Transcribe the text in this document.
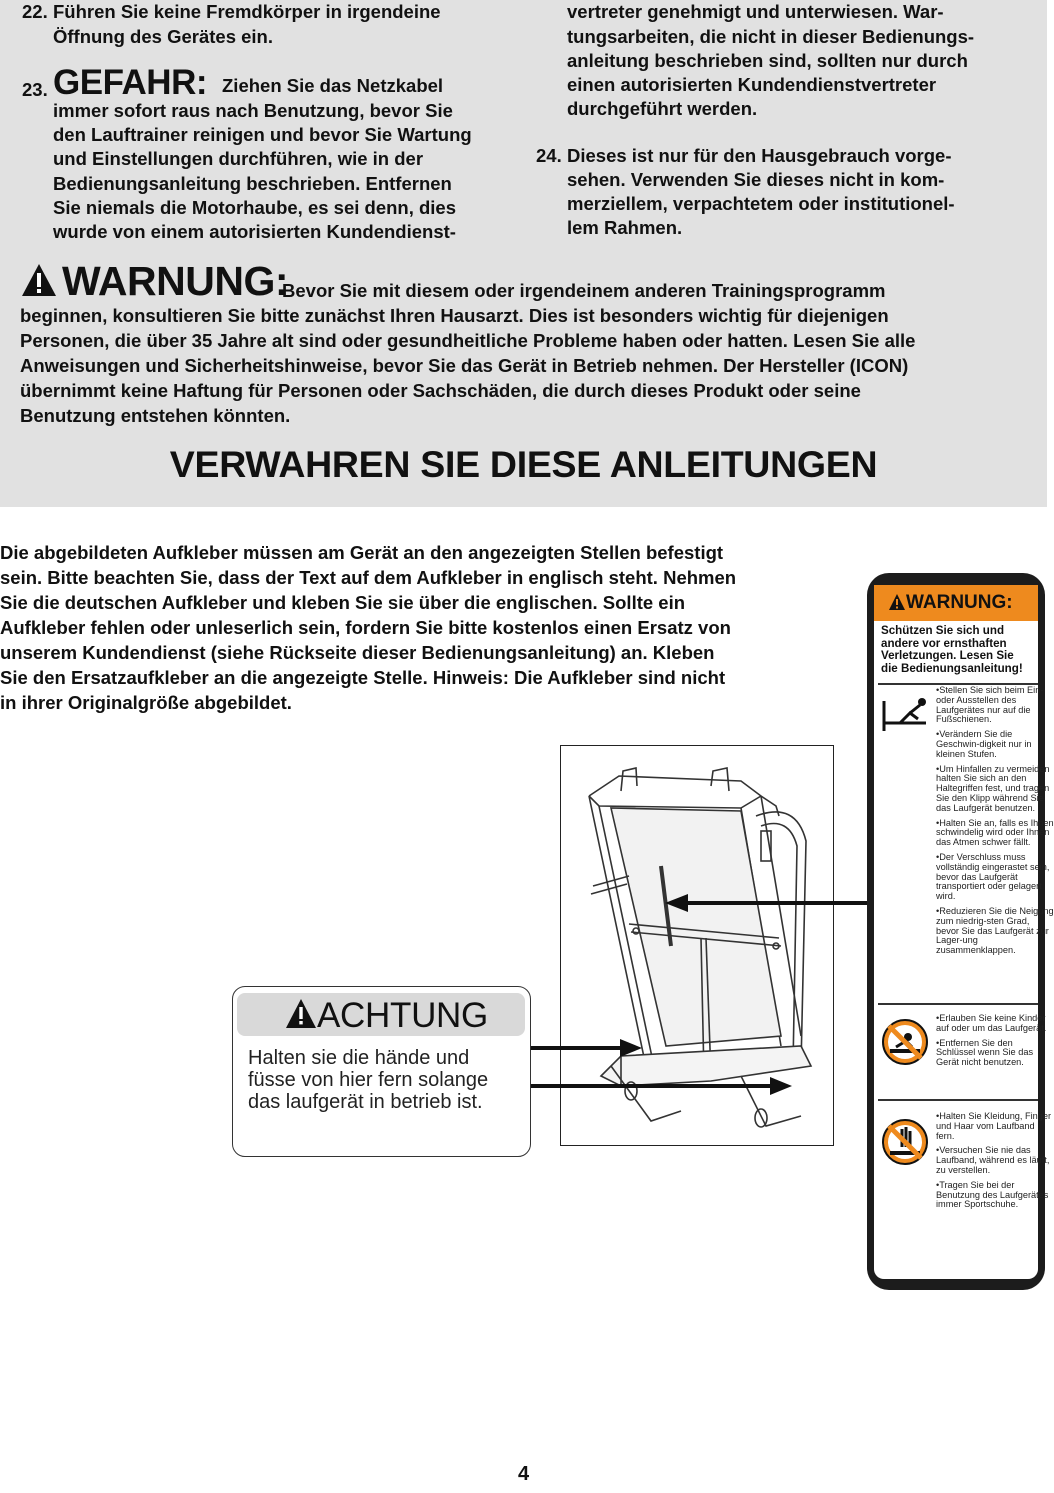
22. Führen Sie keine Fremdkörper in irgendeine
Öffnung des Gerätes ein.
23. GEFAHR: Ziehen Sie das Netzkabel
immer sofort raus nach Benutzung, bevor Sie
den Lauftrainer reinigen und bevor Sie Wartung
und Einstellungen durchführen, wie in der
Bedienungsanleitung beschrieben. Entfernen
Sie niemals die Motorhaube, es sei denn, dies
wurde von einem autorisierten Kundendienst-
vertreter genehmigt und unterwiesen. War-
tungsarbeiten, die nicht in dieser Bedienungs-
anleitung beschrieben sind, sollten nur durch
einen autorisierten Kundendienstvertreter
durchgeführt werden.
24. Dieses ist nur für den Hausgebrauch vorge-
sehen. Verwenden Sie dieses nicht in kom-
merziellem, verpachtetem oder institutionel-
lem Rahmen.
WARNUNG:
Bevor Sie mit diesem oder irgendeinem anderen Trainingsprogramm
beginnen, konsultieren Sie bitte zunächst Ihren Hausarzt. Dies ist besonders wichtig für diejenigen
Personen, die über 35 Jahre alt sind oder gesundheitliche Probleme haben oder hatten. Lesen Sie alle
Anweisungen und Sicherheitshinweise, bevor Sie das Gerät in Betrieb nehmen. Der Hersteller (ICON)
übernimmt keine Haftung für Personen oder Sachschäden, die durch dieses Produkt oder seine
Benutzung entstehen könnten.
VERWAHREN SIE DIESE ANLEITUNGEN
Die abgebildeten Aufkleber müssen am Gerät an den angezeigten Stellen befestigt
sein. Bitte beachten Sie, dass der Text auf dem Aufkleber in englisch steht. Nehmen
Sie die deutschen Aufkleber und kleben Sie sie über die englischen. Sollte ein
Aufkleber fehlen oder unleserlich sein, fordern Sie bitte kostenlos einen Ersatz von
unserem Kundendienst (siehe Rückseite dieser Bedienungsanleitung) an. Kleben
Sie den Ersatzaufkleber an die angezeigte Stelle. Hinweis: Die Aufkleber sind nicht
in ihrer Originalgröße abgebildet.
ACHTUNG
Halten sie die hände und
füsse von hier fern solange
das laufgerät in betrieb ist.
WARNUNG:
Schützen Sie sich und
andere vor ernsthaften
Verletzungen. Lesen Sie
die Bedienungsanleitung!

•Stellen Sie sich beim Ein- oder Ausstellen des Laufgerätes nur auf die Fußschienen.

•Verändern Sie die Geschwin-digkeit nur in kleinen Stufen.

•Um Hinfallen zu vermeiden halten Sie sich an den Haltegriffen fest, und tragen Sie den Klipp während Sie das Laufgerät benutzen.

•Halten Sie an, falls es Ihnen schwindelig wird oder Ihnen das Atmen schwer fällt.

•Der Verschluss muss vollständig eingerastet sein, bevor das Laufgerät transportiert oder gelagert wird.

•Reduzieren Sie die Neigung zum niedrig-sten Grad, bevor Sie das Laufgerät zur Lager-ung zusammenklappen.

•Erlauben Sie keine Kinder auf oder um das Laufgerät.

•Entfernen Sie den Schlüssel wenn Sie das Gerät nicht benutzen.

•Halten Sie Kleidung, Finger und Haar vom Laufband fern.

•Versuchen Sie nie das Laufband, während es läuft, zu verstellen.

•Tragen Sie bei der Benutzung des Laufgerätes immer Sportschuhe.

4
